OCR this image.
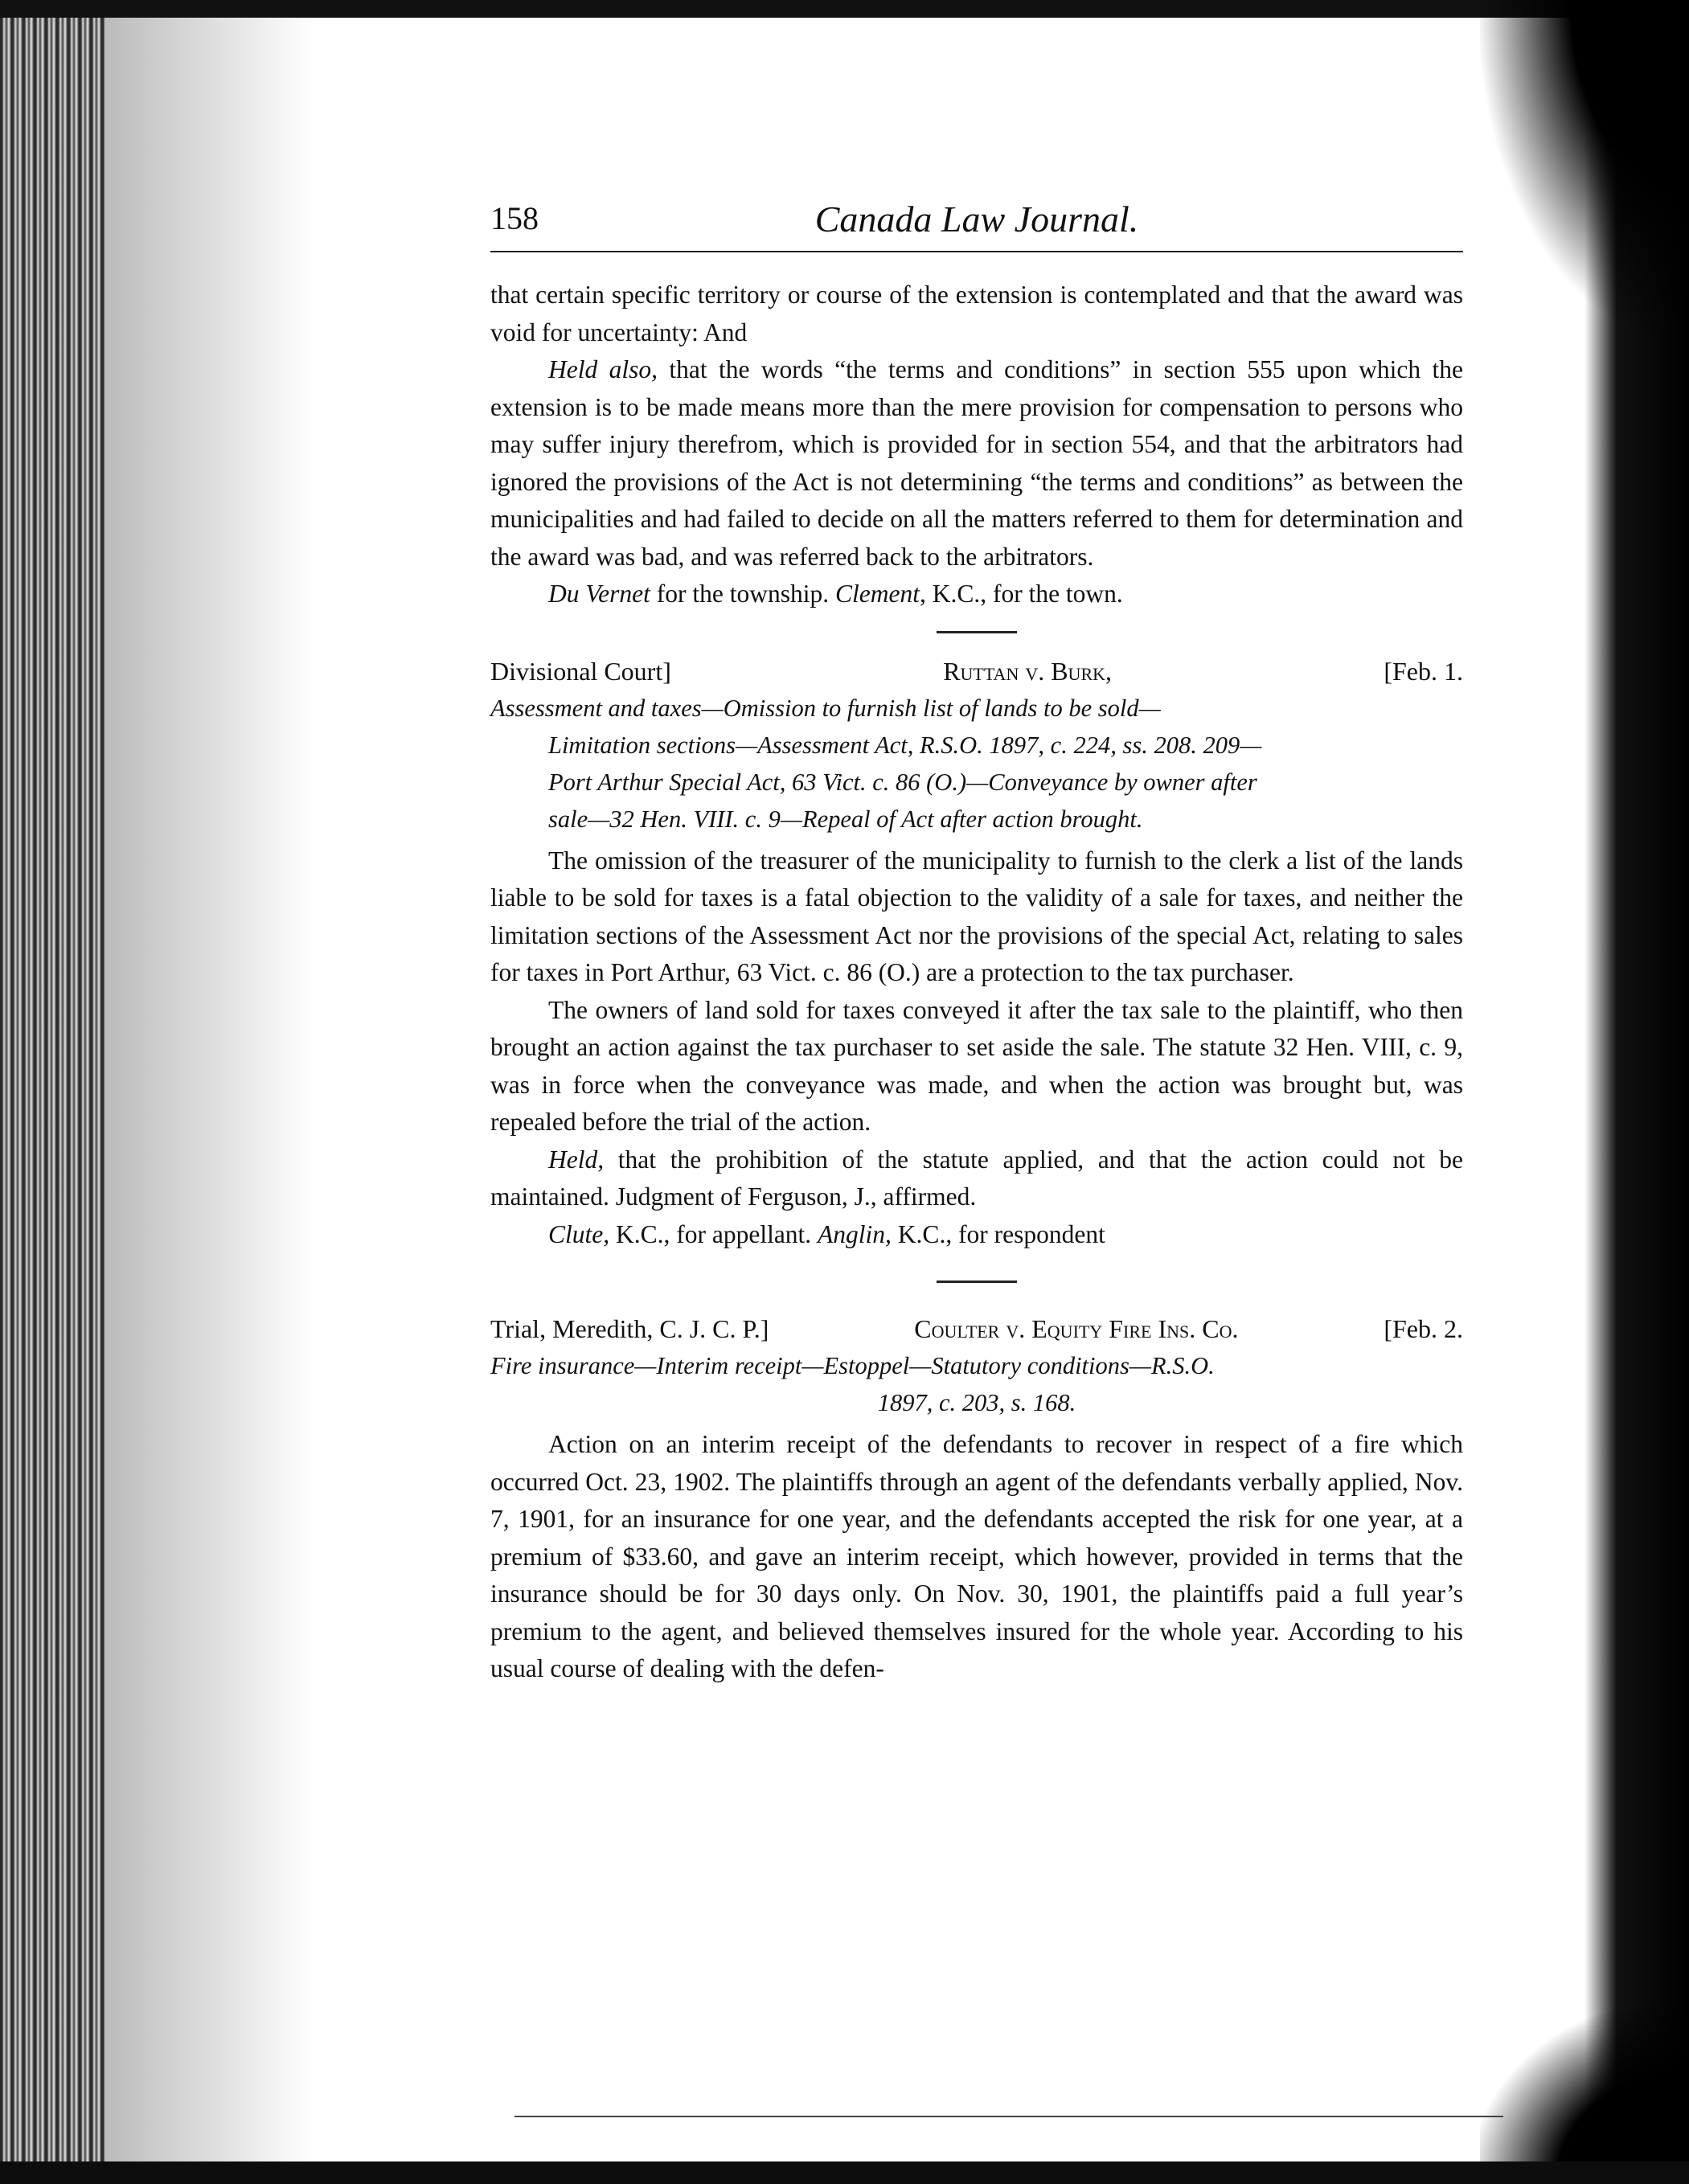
158	Canada Law Journal.

that certain specific territory or course of the extension is contemplated and that the award was void for uncertainty: And

Held also, that the words “the terms and conditions” in section 555 upon which the extension is to be made means more than the mere provision for compensation to persons who may suffer injury therefrom, which is provided for in section 554, and that the arbitrators had ignored the provisions of the Act is not determining “the terms and conditions” as between the municipalities and had failed to decide on all the matters referred to them for determination and the award was bad, and was referred back to the arbitrators.

Du Vernet for the township. Clement, K.C., for the town.

Divisional Court]	Ruttan v. Burk,	[Feb. 1.
Assessment and taxes—Omission to furnish list of lands to be sold—
Limitation sections—Assessment Act, R.S.O. 1897, c. 224, ss. 208. 209—
Port Arthur Special Act, 63 Vict. c. 86 (O.)—Conveyance by owner after
sale—32 Hen. VIII. c. 9—Repeal of Act after action brought.

The omission of the treasurer of the municipality to furnish to the clerk a list of the lands liable to be sold for taxes is a fatal objection to the validity of a sale for taxes, and neither the limitation sections of the Assessment Act nor the provisions of the special Act, relating to sales for taxes in Port Arthur, 63 Vict. c. 86 (O.) are a protection to the tax purchaser.

The owners of land sold for taxes conveyed it after the tax sale to the plaintiff, who then brought an action against the tax purchaser to set aside the sale. The statute 32 Hen. VIII, c. 9, was in force when the conveyance was made, and when the action was brought but, was repealed before the trial of the action.

Held, that the prohibition of the statute applied, and that the action could not be maintained. Judgment of Ferguson, J., affirmed.

Clute, K.C., for appellant. Anglin, K.C., for respondent

Trial, Meredith, C. J. C. P.]	Coulter v. Equity Fire Ins. Co.	[Feb. 2.
Fire insurance—Interim receipt—Estoppel—Statutory conditions—R.S.O.
1897, c. 203, s. 168.

Action on an interim receipt of the defendants to recover in respect of a fire which occurred Oct. 23, 1902. The plaintiffs through an agent of the defendants verbally applied, Nov. 7, 1901, for an insurance for one year, and the defendants accepted the risk for one year, at a premium of $33.60, and gave an interim receipt, which however, provided in terms that the insurance should be for 30 days only. On Nov. 30, 1901, the plaintiffs paid a full year’s premium to the agent, and believed themselves insured for the whole year. According to his usual course of dealing with the defen-
